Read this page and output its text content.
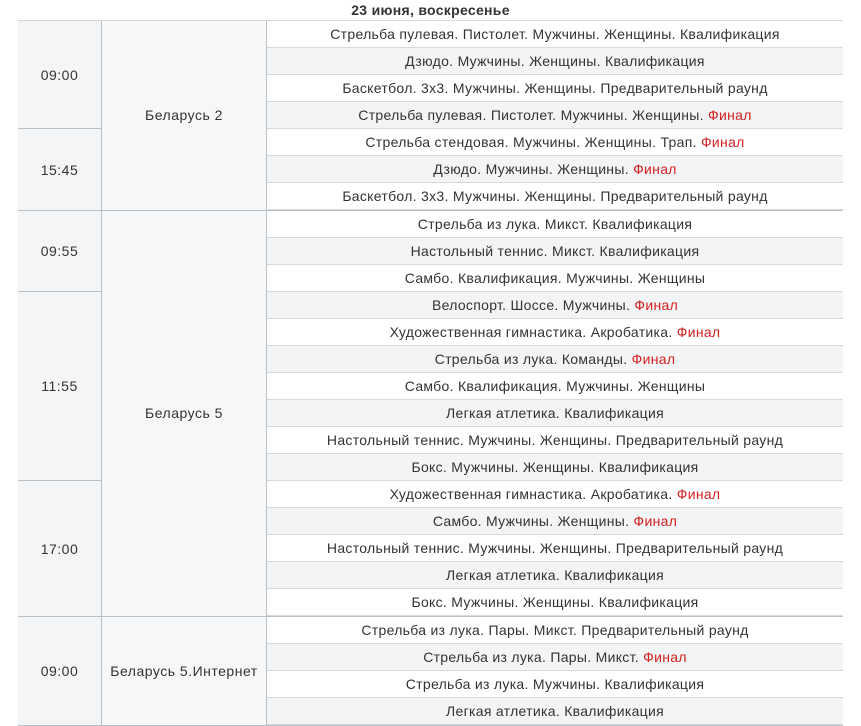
23 июня, воскресенье
09:00
15:45
Беларусь 2
Стрельба пулевая. Пистолет. Мужчины. Женщины. Квалификация
Дзюдо. Мужчины. Женщины. Квалификация
Баскетбол. 3х3. Мужчины. Женщины. Предварительный раунд
Стрельба пулевая. Пистолет. Мужчины. Женщины. Финал
Стрельба стендовая. Мужчины. Женщины. Трап. Финал
Дзюдо. Мужчины. Женщины. Финал
Баскетбол. 3х3. Мужчины. Женщины. Предварительный раунд
09:55
11:55
17:00
Беларусь 5
Стрельба из лука. Микст. Квалификация
Настольный теннис. Микст. Квалификация
Самбо. Квалификация. Мужчины. Женщины
Велоспорт. Шоссе. Мужчины. Финал
Художественная гимнастика. Акробатика. Финал
Стрельба из лука. Команды. Финал
Самбо. Квалификация. Мужчины. Женщины
Легкая атлетика. Квалификация
Настольный теннис. Мужчины. Женщины. Предварительный раунд
Бокс. Мужчины. Женщины. Квалификация
Художественная гимнастика. Акробатика. Финал
Самбо. Мужчины. Женщины. Финал
Настольный теннис. Мужчины. Женщины. Предварительный раунд
Легкая атлетика. Квалификация
Бокс. Мужчины. Женщины. Квалификация
09:00	Беларусь 5. Интернет
Стрельба из лука. Пары. Микст. Предварительный раунд
Стрельба из лука. Пары. Микст. Финал
Стрельба из лука. Мужчины. Квалификация
Легкая атлетика. Квалификация
